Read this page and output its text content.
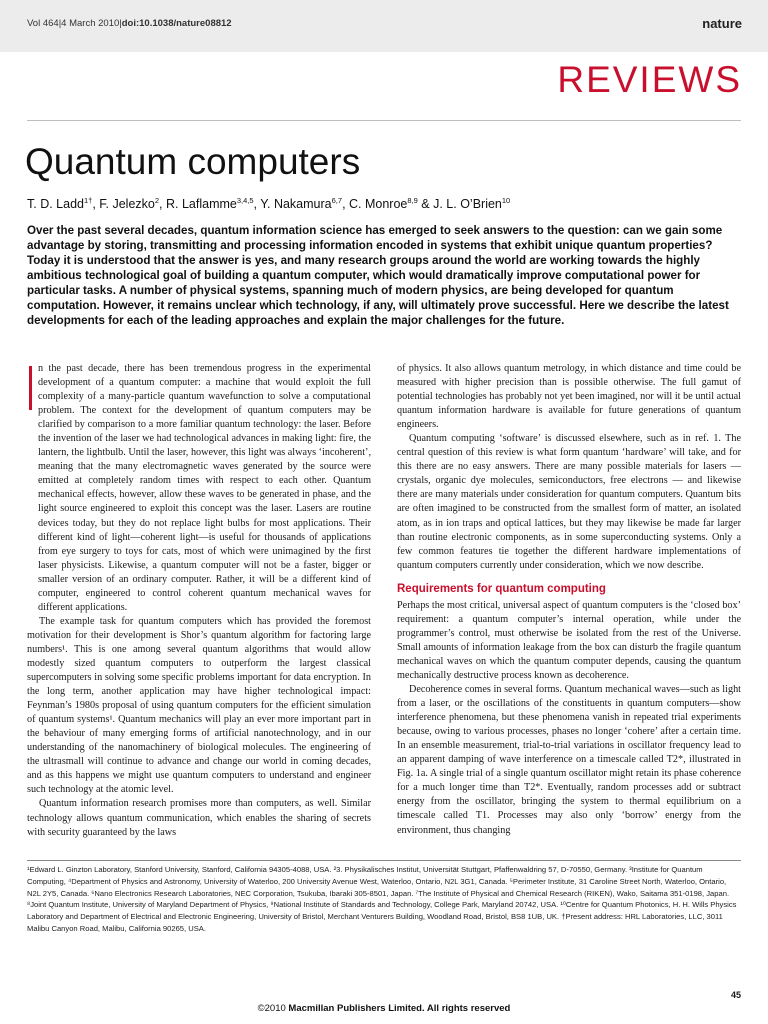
Vol 464|4 March 2010|doi:10.1038/nature08812	nature
REVIEWS
Quantum computers
T. D. Ladd$^{1\dagger}$, F. Jelezko$^2$, R. Laflamme$^{3,4,5}$, Y. Nakamura$^{6,7}$, C. Monroe$^{8,9}$ & J. L. O’Brien$^{10}$

Over the past several decades, quantum information science has emerged to seek answers to the question: can we gain some advantage by storing, transmitting and processing information encoded in systems that exhibit unique quantum properties? Today it is understood that the answer is yes, and many research groups around the world are working towards the highly ambitious technological goal of building a quantum computer, which would dramatically improve computational power for particular tasks. A number of physical systems, spanning much of modern physics, are being developed for quantum computation. However, it remains unclear which technology, if any, will ultimately prove successful. Here we describe the latest developments for each of the leading approaches and explain the major challenges for the future.

n the past decade, there has been tremendous progress in the experimental development of a quantum computer: a machine that would exploit the full complexity of a many-particle quantum wavefunction to solve a computational problem. The context for the development of quantum computers may be clarified by comparison to a more familiar quantum technology: the laser. Before the invention of the laser we had technological advances in making light: fire, the lantern, the lightbulb. Until the laser, however, this light was always ‘incoherent’, meaning that the many electromagnetic waves generated by the source were emitted at completely random times with respect to each other. Quantum mechanical effects, however, allow these waves to be generated in phase, and the light source engineered to exploit this concept was the laser. Lasers are routine devices today, but they do not replace light bulbs for most applications. Their different kind of light—coherent light—is useful for thousands of applications from eye surgery to toys for cats, most of which were unimagined by the first laser physicists. Likewise, a quantum computer will not be a faster, bigger or smaller version of an ordinary computer. Rather, it will be a different kind of computer, engineered to control coherent quantum mechanical waves for different applications.

The example task for quantum computers which has provided the foremost motivation for their development is Shor’s quantum algorithm for factoring large numbers¹. This is one among several quantum algorithms that would allow modestly sized quantum computers to outperform the largest classical supercomputers in solving some specific problems important for data encryption. In the long term, another application may have higher technological impact: Feynman’s 1980s proposal of using quantum computers for the efficient simulation of quantum systems¹. Quantum mechanics will play an ever more important part in the behaviour of many emerging forms of artificial nanotechnology, and in our understanding of the nanomachinery of biological molecules. The engineering of the ultrasmall will continue to advance and change our world in coming decades, and as this happens we might use quantum computers to understand and engineer such technology at the atomic level.

Quantum information research promises more than computers, as well. Similar technology allows quantum communication, which enables the sharing of secrets with security guaranteed by the laws

of physics. It also allows quantum metrology, in which distance and time could be measured with higher precision than is possible otherwise. The full gamut of potential technologies has probably not yet been imagined, nor will it be until actual quantum information hardware is available for future generations of quantum engineers.

Quantum computing ‘software’ is discussed elsewhere, such as in ref. 1. The central question of this review is what form quantum ‘hardware’ will take, and for this there are no easy answers. There are many possible materials for lasers — crystals, organic dye molecules, semiconductors, free electrons — and likewise there are many materials under consideration for quantum computers. Quantum bits are often imagined to be constructed from the smallest form of matter, an isolated atom, as in ion traps and optical lattices, but they may likewise be made far larger than routine electronic components, as in some superconducting systems. Only a few common features tie together the different hardware implementations of quantum computers currently under consideration, which we now describe.

Requirements for quantum computing

Perhaps the most critical, universal aspect of quantum computers is the ‘closed box’ requirement: a quantum computer’s internal operation, while under the programmer’s control, must otherwise be isolated from the rest of the Universe. Small amounts of information leakage from the box can disturb the fragile quantum mechanical waves on which the quantum computer depends, causing the quantum mechanically destructive process known as decoherence.

Decoherence comes in several forms. Quantum mechanical waves—such as light from a laser, or the oscillations of the constituents in quantum computers—show interference phenomena, but these phenomena vanish in repeated trial experiments because, owing to various processes, phases no longer ‘cohere’ after a certain time. In an ensemble measurement, trial-to-trial variations in oscillator frequency lead to an apparent damping of wave interference on a timescale called T2*, illustrated in Fig. 1a. A single trial of a single quantum oscillator might retain its phase coherence for a much longer time than T2*. Eventually, random processes add or subtract energy from the oscillator, bringing the system to thermal equilibrium on a timescale called T1. Processes may also only ‘borrow’ energy from the environment, thus changing

¹Edward L. Ginzton Laboratory, Stanford University, Stanford, California 94305-4088, USA. ²3. Physikalisches Institut, Universität Stuttgart, Pfaffenwaldring 57, D-70550, Germany. ³Institute for Quantum Computing, ⁴Department of Physics and Astronomy, University of Waterloo, 200 University Avenue West, Waterloo, Ontario, N2L 3G1, Canada. ⁵Perimeter Institute, 31 Caroline Street North, Waterloo, Ontario, N2L 2Y5, Canada. ⁶Nano Electronics Research Laboratories, NEC Corporation, Tsukuba, Ibaraki 305-8501, Japan. ⁷The Institute of Physical and Chemical Research (RIKEN), Wako, Saitama 351-0198, Japan. ⁸Joint Quantum Institute, University of Maryland Department of Physics, ⁹National Institute of Standards and Technology, College Park, Maryland 20742, USA. ¹⁰Centre for Quantum Photonics, H. H. Wills Physics Laboratory and Department of Electrical and Electronic Engineering, University of Bristol, Merchant Venturers Building, Woodland Road, Bristol, BS8 1UB, UK. †Present address: HRL Laboratories, LLC, 3011 Malibu Canyon Road, Malibu, California 90265, USA.

45
©2010 Macmillan Publishers Limited. All rights reserved
